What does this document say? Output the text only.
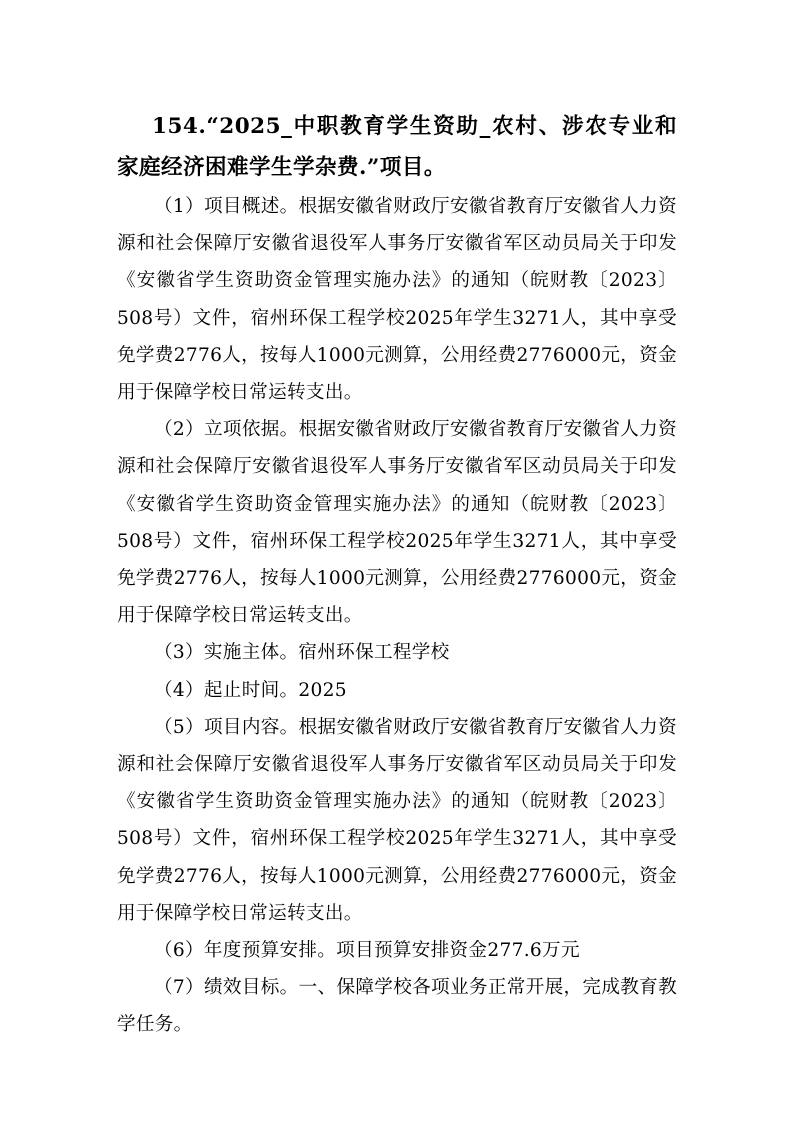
154.“2025_中职教育学生资助_农村、涉农专业和家庭经济困难学生学杂费.”项目。

（1）项目概述。根据安徽省财政厅安徽省教育厅安徽省人力资源和社会保障厅安徽省退役军人事务厅安徽省军区动员局关于印发《安徽省学生资助资金管理实施办法》的通知（皖财教〔2023〕508号）文件，宿州环保工程学校2025年学生3271人，其中享受免学费2776人，按每人1000元测算，公用经费2776000元，资金用于保障学校日常运转支出。

（2）立项依据。根据安徽省财政厅安徽省教育厅安徽省人力资源和社会保障厅安徽省退役军人事务厅安徽省军区动员局关于印发《安徽省学生资助资金管理实施办法》的通知（皖财教〔2023〕508号）文件，宿州环保工程学校2025年学生3271人，其中享受免学费2776人，按每人1000元测算，公用经费2776000元，资金用于保障学校日常运转支出。

（3）实施主体。宿州环保工程学校

（4）起止时间。2025

（5）项目内容。根据安徽省财政厅安徽省教育厅安徽省人力资源和社会保障厅安徽省退役军人事务厅安徽省军区动员局关于印发《安徽省学生资助资金管理实施办法》的通知（皖财教〔2023〕508号）文件，宿州环保工程学校2025年学生3271人，其中享受免学费2776人，按每人1000元测算，公用经费2776000元，资金用于保障学校日常运转支出。

（6）年度预算安排。项目预算安排资金277.6万元

（7）绩效目标。一、保障学校各项业务正常开展，完成教育教学任务。
